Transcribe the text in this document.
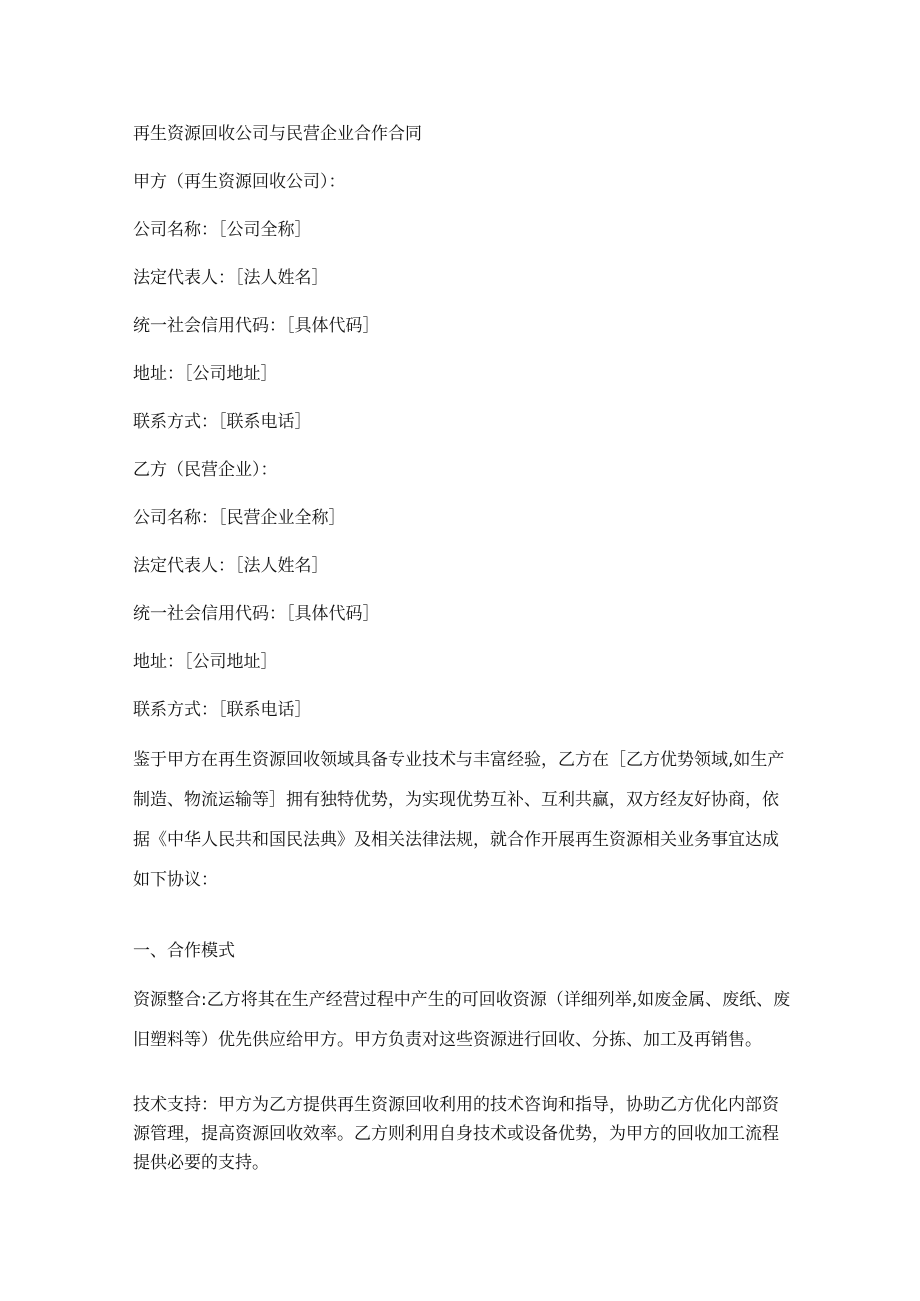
再生资源回收公司与民营企业合作合同

甲方（再生资源回收公司）：

公司名称：［公司全称］

法定代表人：［法人姓名］

统一社会信用代码：［具体代码］

地址：［公司地址］

联系方式：［联系电话］

乙方（民营企业）：

公司名称：［民营企业全称］

法定代表人：［法人姓名］

统一社会信用代码：［具体代码］

地址：［公司地址］

联系方式：［联系电话］

鉴于甲方在再生资源回收领域具备专业技术与丰富经验，乙方在［乙方优势领域,如生产
制造、物流运输等］拥有独特优势，为实现优势互补、互利共赢，双方经友好协商，依
据《中华人民共和国民法典》及相关法律法规，就合作开展再生资源相关业务事宜达成
如下协议：

一、合作模式

资源整合:乙方将其在生产经营过程中产生的可回收资源（详细列举,如废金属、废纸、废
旧塑料等）优先供应给甲方。甲方负责对这些资源进行回收、分拣、加工及再销售。
技术支持：甲方为乙方提供再生资源回收利用的技术咨询和指导，协助乙方优化内部资
源管理，提高资源回收效率。乙方则利用自身技术或设备优势，为甲方的回收加工流程
提供必要的支持。
